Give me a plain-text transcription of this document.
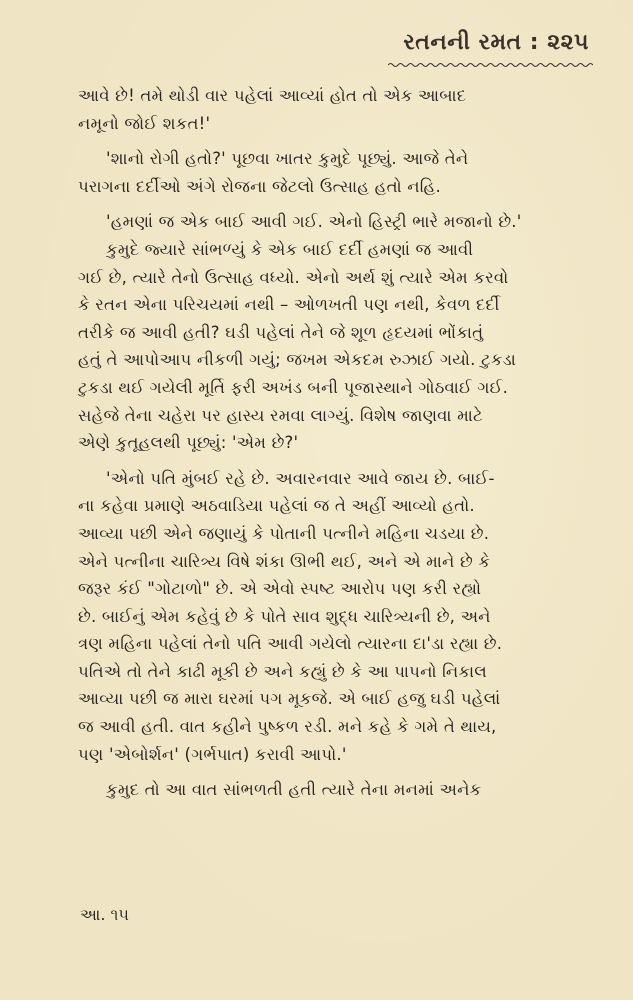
રતનની રમત : ૨૨૫
આવે છે! તમે થોડી વાર પહેલાં આવ્યાં હોત તો એક આબાદ
નમૂનો જોઈ શકત!'
'શાનો રોગી હતો?' પૂછવા ખાતર કુમુદે પૂછ્યું. આજે તેને
પરાગના દર્દીઓ અંગે રોજના જેટલો ઉત્સાહ હતો નહિ.
'હમણાં જ એક બાઈ આવી ગઈ. એનો હિસ્ટ્રી ભારે મજાનો છે.'
કુમુદે જ્યારે સાંભળ્યું કે એક બાઈ દર્દી હમણાં જ આવી
ગઈ છે, ત્યારે તેનો ઉત્સાહ વધ્યો. એનો અર્થ શું ત્યારે એમ કરવો
કે રતન એના પરિચયમાં નથી – ઓળખતી પણ નથી, કેવળ દર્દી
તરીકે જ આવી હતી? ઘડી પહેલાં તેને જે શૂળ હૃદયમાં ભોંકાતું
હતું તે આપોઆપ નીકળી ગયું; જખમ એકદમ રુઝાઈ ગયો. ટુકડા
ટુકડા થઈ ગયેલી મૂર્તિ ફરી અખંડ બની પૂજાસ્થાને ગોઠવાઈ ગઈ.
સહેજે તેના ચહેરા પર હાસ્ય રમવા લાગ્યું. વિશેષ જાણવા માટે
એણે કુતૂહલથી પૂછ્યું: 'એમ છે?'
'એનો પતિ મુંબઈ રહે છે. અવારનવાર આવે જાય છે. બાઈ-
ના કહેવા પ્રમાણે અઠવાડિયા પહેલાં જ તે અહીં આવ્યો હતો.
આવ્યા પછી એને જણાયું કે પોતાની પત્નીને મહિના ચડયા છે.
એને પત્નીના ચારિત્ર્ય વિષે શંકા ઊભી થઈ, અને એ માને છે કે
જરૂર કંઈ "ગોટાળો" છે. એ એવો સ્પષ્ટ આરોપ પણ કરી રહ્યો
છે. બાઈનું એમ કહેવું છે કે પોતે સાવ શુદ્ધ ચારિત્ર્યની છે, અને
ત્રણ મહિના પહેલાં તેનો પતિ આવી ગયેલો ત્યારના દા'ડા રહ્યા છે.
પતિએ તો તેને કાઢી મૂકી છે અને કહ્યું છે કે આ પાપનો નિકાલ
આવ્યા પછી જ મારા ઘરમાં પગ મૂકજે. એ બાઈ હજુ ઘડી પહેલાં
જ આવી હતી. વાત કહીને પુષ્કળ રડી. મને કહે કે ગમે તે થાય,
પણ 'એબોર્શન' (ગર્ભપાત) કરાવી આપો.'
કુમુદ તો આ વાત સાંભળતી હતી ત્યારે તેના મનમાં અનેક
આ. ૧૫
